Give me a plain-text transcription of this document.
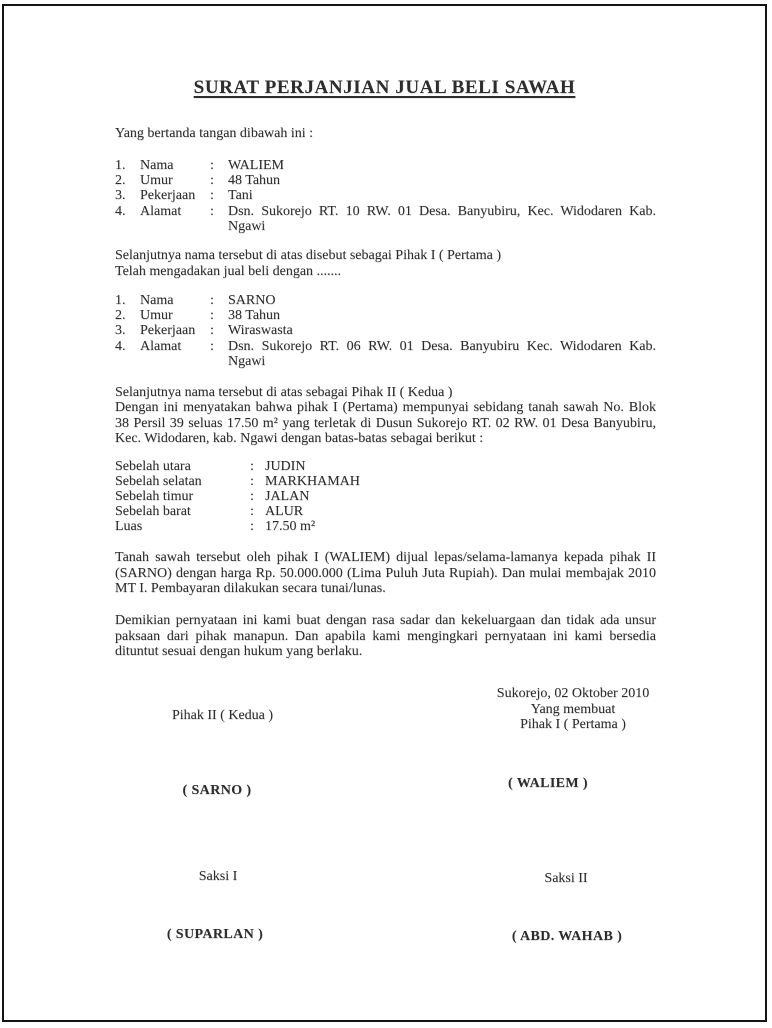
SURAT PERJANJIAN JUAL BELI SAWAH
Yang bertanda tangan dibawah ini :
1.	Nama	:	WALIEM
2.	Umur	:	48 Tahun
3.	Pekerjaan	:	Tani
4.	Alamat	:	Dsn. Sukorejo RT. 10 RW. 01 Desa. Banyubiru, Kec. Widodaren Kab. Ngawi
Selanjutnya nama tersebut di atas disebut sebagai Pihak I ( Pertama )
Telah mengadakan jual beli dengan .......
1.	Nama	:	SARNO
2.	Umur	:	38 Tahun
3.	Pekerjaan	:	Wiraswasta
4.	Alamat	:	Dsn. Sukorejo RT. 06 RW. 01 Desa. Banyubiru Kec. Widodaren Kab. Ngawi
Selanjutnya nama tersebut di atas sebagai Pihak II ( Kedua )
Dengan ini menyatakan bahwa pihak I (Pertama) mempunyai sebidang tanah sawah No. Blok 38 Persil 39 seluas 17.50 m² yang terletak di Dusun Sukorejo RT. 02 RW. 01 Desa Banyubiru, Kec. Widodaren, kab. Ngawi dengan batas-batas sebagai berikut :
Sebelah utara	: JUDIN
Sebelah selatan	: MARKHAMAH
Sebelah timur	: JALAN
Sebelah barat	: ALUR
Luas	: 17.50 m²
Tanah sawah tersebut oleh pihak I (WALIEM) dijual lepas/selama-lamanya kepada pihak II (SARNO) dengan harga Rp. 50.000.000 (Lima Puluh Juta Rupiah). Dan mulai membajak 2010 MT I. Pembayaran dilakukan secara tunai/lunas.
Demikian pernyataan ini kami buat dengan rasa sadar dan kekeluargaan dan tidak ada unsur paksaan dari pihak manapun. Dan apabila kami mengingkari pernyataan ini kami bersedia dituntut sesuai dengan hukum yang berlaku.
Sukorejo, 02 Oktober 2010
Yang membuat
Pihak I ( Pertama )
Pihak II ( Kedua )
( SARNO )	( WALIEM )
Saksi I	Saksi II
( SUPARLAN )	( ABD. WAHAB )
